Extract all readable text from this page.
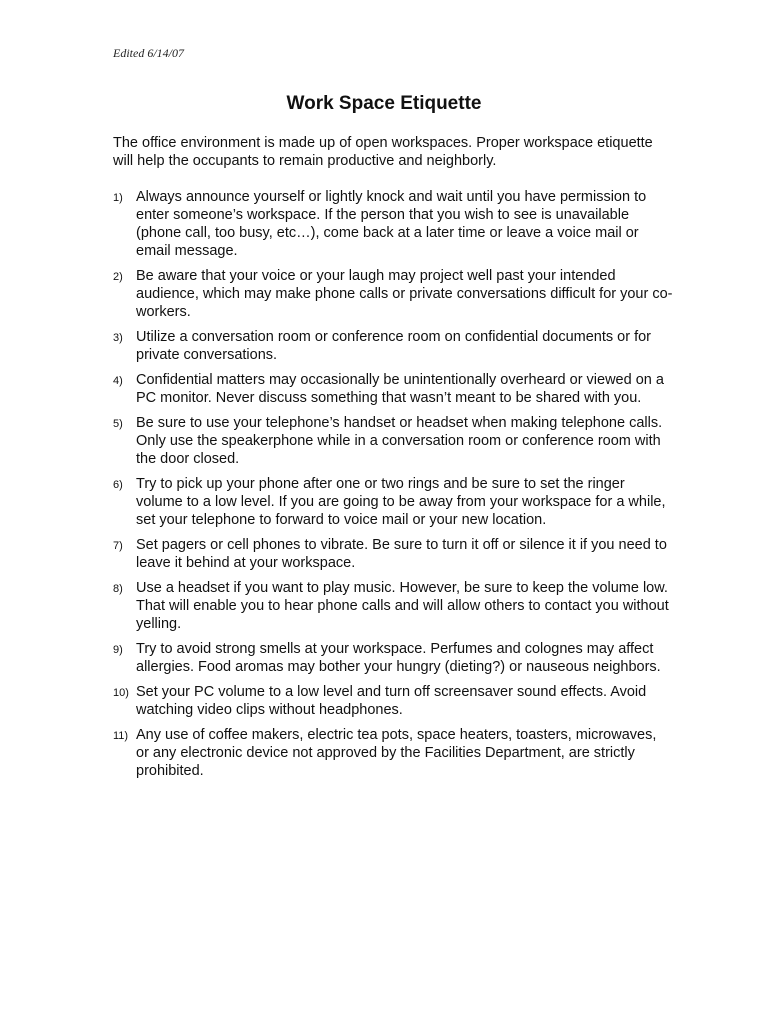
Edited 6/14/07
Work Space Etiquette
The office environment is made up of open workspaces. Proper workspace etiquette will help the occupants to remain productive and neighborly.
1) Always announce yourself or lightly knock and wait until you have permission to enter someone’s workspace. If the person that you wish to see is unavailable (phone call, too busy, etc…), come back at a later time or leave a voice mail or email message.
2) Be aware that your voice or your laugh may project well past your intended audience, which may make phone calls or private conversations difficult for your co-workers.
3) Utilize a conversation room or conference room on confidential documents or for private conversations.
4) Confidential matters may occasionally be unintentionally overheard or viewed on a PC monitor. Never discuss something that wasn’t meant to be shared with you.
5) Be sure to use your telephone’s handset or headset when making telephone calls. Only use the speakerphone while in a conversation room or conference room with the door closed.
6) Try to pick up your phone after one or two rings and be sure to set the ringer volume to a low level. If you are going to be away from your workspace for a while, set your telephone to forward to voice mail or your new location.
7) Set pagers or cell phones to vibrate. Be sure to turn it off or silence it if you need to leave it behind at your workspace.
8) Use a headset if you want to play music. However, be sure to keep the volume low. That will enable you to hear phone calls and will allow others to contact you without yelling.
9) Try to avoid strong smells at your workspace. Perfumes and colognes may affect allergies. Food aromas may bother your hungry (dieting?) or nauseous neighbors.
10) Set your PC volume to a low level and turn off screensaver sound effects. Avoid watching video clips without headphones.
11) Any use of coffee makers, electric tea pots, space heaters, toasters, microwaves, or any electronic device not approved by the Facilities Department, are strictly prohibited.
